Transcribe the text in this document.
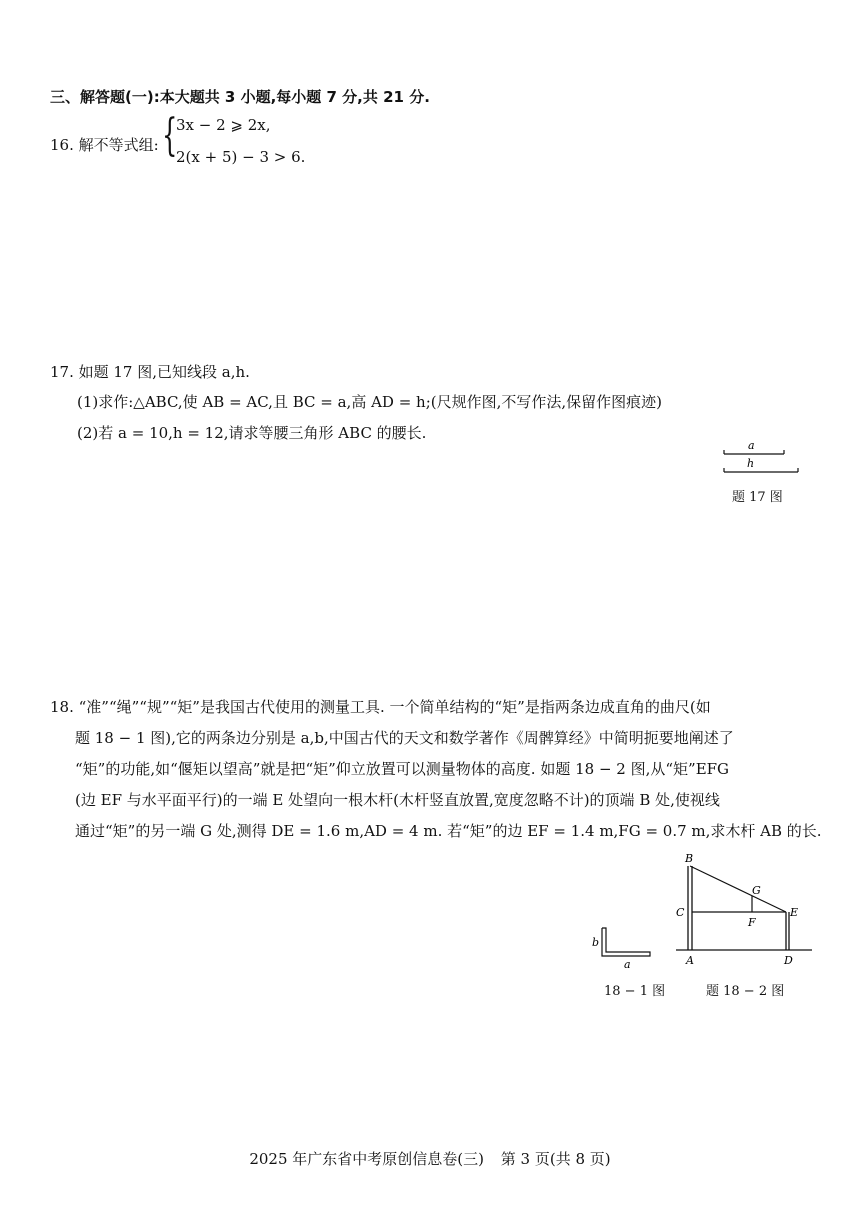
三、解答题(一):本大题共 3 小题,每小题 7 分,共 21 分.
16. 解不等式组: {
3x − 2 ⩾ 2x,
2(x + 5) − 3 > 6.
17. 如题 17 图,已知线段 a,h.
(1)求作:△ABC,使 AB = AC,且 BC = a,高 AD = h;(尺规作图,不写作法,保留作图痕迹)
(2)若 a = 10,h = 12,请求等腰三角形 ABC 的腰长.
a
h
题 17 图

18. “准”“绳”“规”“矩”是我国古代使用的测量工具. 一个简单结构的“矩”是指两条边成直角的曲尺(如

题 18 − 1 图),它的两条边分别是 a,b,中国古代的天文和数学著作《周髀算经》中简明扼要地阐述了

“矩”的功能,如“偃矩以望高”就是把“矩”仰立放置可以测量物体的高度. 如题 18 − 2 图,从“矩”EFG

(边 EF 与水平面平行)的一端 E 处望向一根木杆(木杆竖直放置,宽度忽略不计)的顶端 B 处,使视线

通过“矩”的另一端 G 处,测得 DE = 1.6 m,AD = 4 m. 若“矩”的边 EF = 1.4 m,FG = 0.7 m,求木杆 AB 的长.

b
a
18 − 1 图
B
C
G
F
E
A	D
题 18 − 2 图
2025 年广东省中考原创信息卷(三) 第 3 页(共 8 页)
